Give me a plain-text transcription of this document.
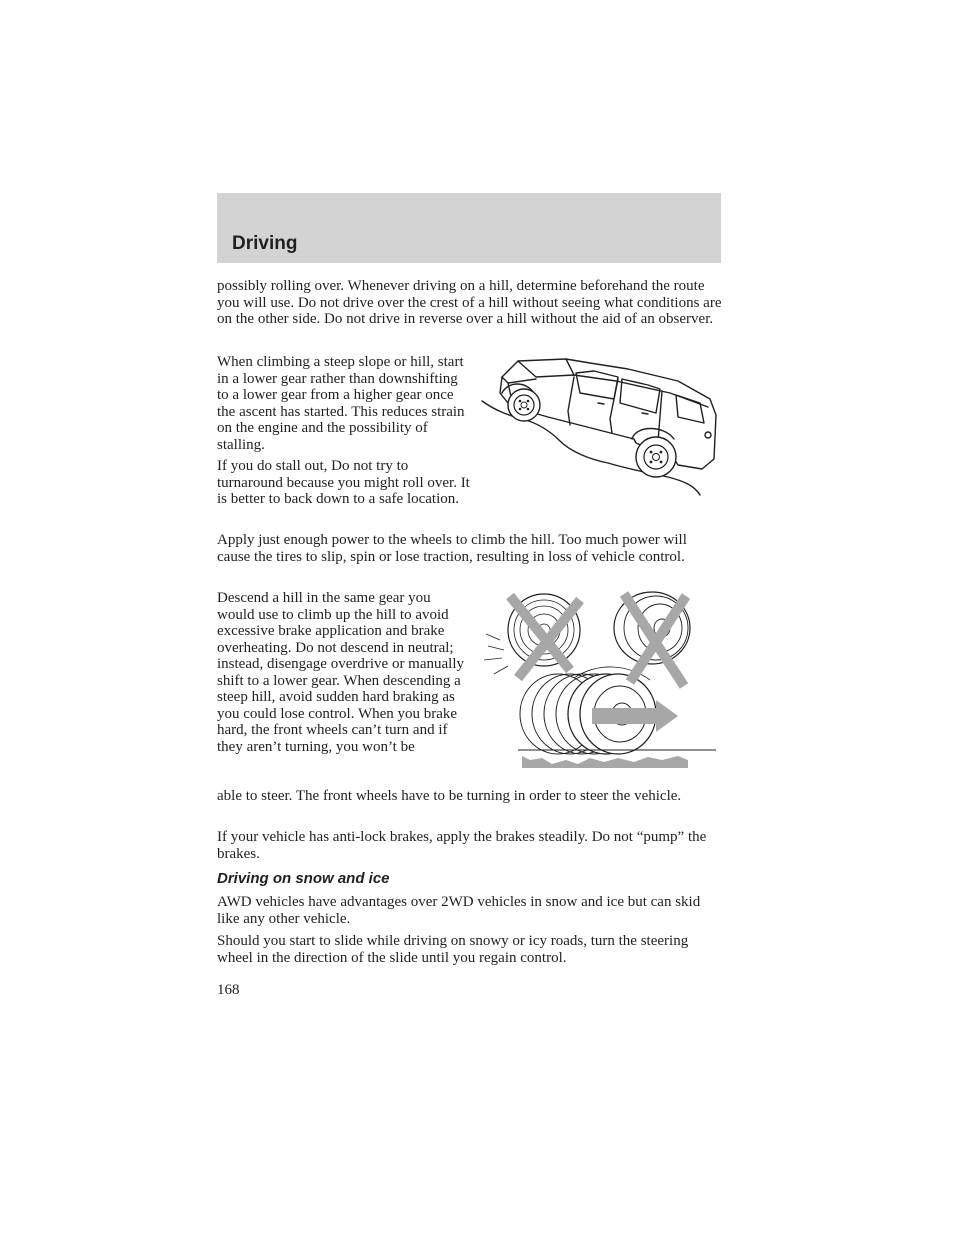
Driving

possibly rolling over. Whenever driving on a hill, determine beforehand the route you will use. Do not drive over the crest of a hill without seeing what conditions are on the other side. Do not drive in reverse over a hill without the aid of an observer.

When climbing a steep slope or hill, start in a lower gear rather than downshifting to a lower gear from a higher gear once the ascent has started. This reduces strain on the engine and the possibility of stalling.

If you do stall out, Do not try to turnaround because you might roll over. It is better to back down to a safe location.

Apply just enough power to the wheels to climb the hill. Too much power will cause the tires to slip, spin or lose traction, resulting in loss of vehicle control.

Descend a hill in the same gear you would use to climb up the hill to avoid excessive brake application and brake overheating. Do not descend in neutral; instead, disengage overdrive or manually shift to a lower gear. When descending a steep hill, avoid sudden hard braking as you could lose control. When you brake hard, the front wheels can’t turn and if they aren’t turning, you won’t be

able to steer. The front wheels have to be turning in order to steer the vehicle.

If your vehicle has anti-lock brakes, apply the brakes steadily. Do not “pump” the brakes.

Driving on snow and ice

AWD vehicles have advantages over 2WD vehicles in snow and ice but can skid like any other vehicle.

Should you start to slide while driving on snowy or icy roads, turn the steering wheel in the direction of the slide until you regain control.

168
